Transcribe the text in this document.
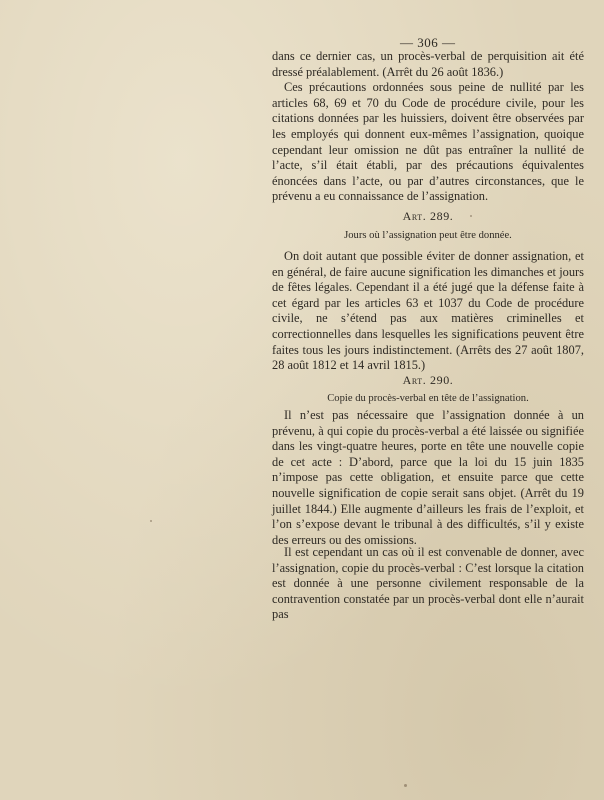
— 306 —

dans ce dernier cas, un procès-verbal de perquisition ait été dressé préalablement. (Arrêt du 26 août 1836.)

Ces précautions ordonnées sous peine de nullité par les articles 68, 69 et 70 du Code de procédure civile, pour les citations données par les huissiers, doivent être observées par les employés qui donnent eux-mêmes l’assignation, quoique cependant leur omission ne dût pas entraîner la nullité de l’acte, s’il était établi, par des précautions équivalentes énoncées dans l’acte, ou par d’autres circonstances, que le prévenu a eu connaissance de l’assignation.

Art. 289.

Jours où l’assignation peut être donnée.

On doit autant que possible éviter de donner assignation, et en général, de faire aucune signification les dimanches et jours de fêtes légales. Cependant il a été jugé que la défense faite à cet égard par les articles 63 et 1037 du Code de procédure civile, ne s’étend pas aux matières criminelles et correctionnelles dans lesquelles les significations peuvent être faites tous les jours indistinctement. (Arrêts des 27 août 1807, 28 août 1812 et 14 avril 1815.)

Art. 290.

Copie du procès-verbal en tête de l’assignation.

Il n’est pas nécessaire que l’assignation donnée à un prévenu, à qui copie du procès-verbal a été laissée ou signifiée dans les vingt-quatre heures, porte en tête une nouvelle copie de cet acte : D’abord, parce que la loi du 15 juin 1835 n’impose pas cette obligation, et ensuite parce que cette nouvelle signification de copie serait sans objet. (Arrêt du 19 juillet 1844.) Elle augmente d’ailleurs les frais de l’exploit, et l’on s’expose devant le tribunal à des difficultés, s’il y existe des erreurs ou des omissions.

Il est cependant un cas où il est convenable de donner, avec l’assignation, copie du procès-verbal : C’est lorsque la citation est donnée à une personne civilement responsable de la contravention constatée par un procès-verbal dont elle n’aurait pas
